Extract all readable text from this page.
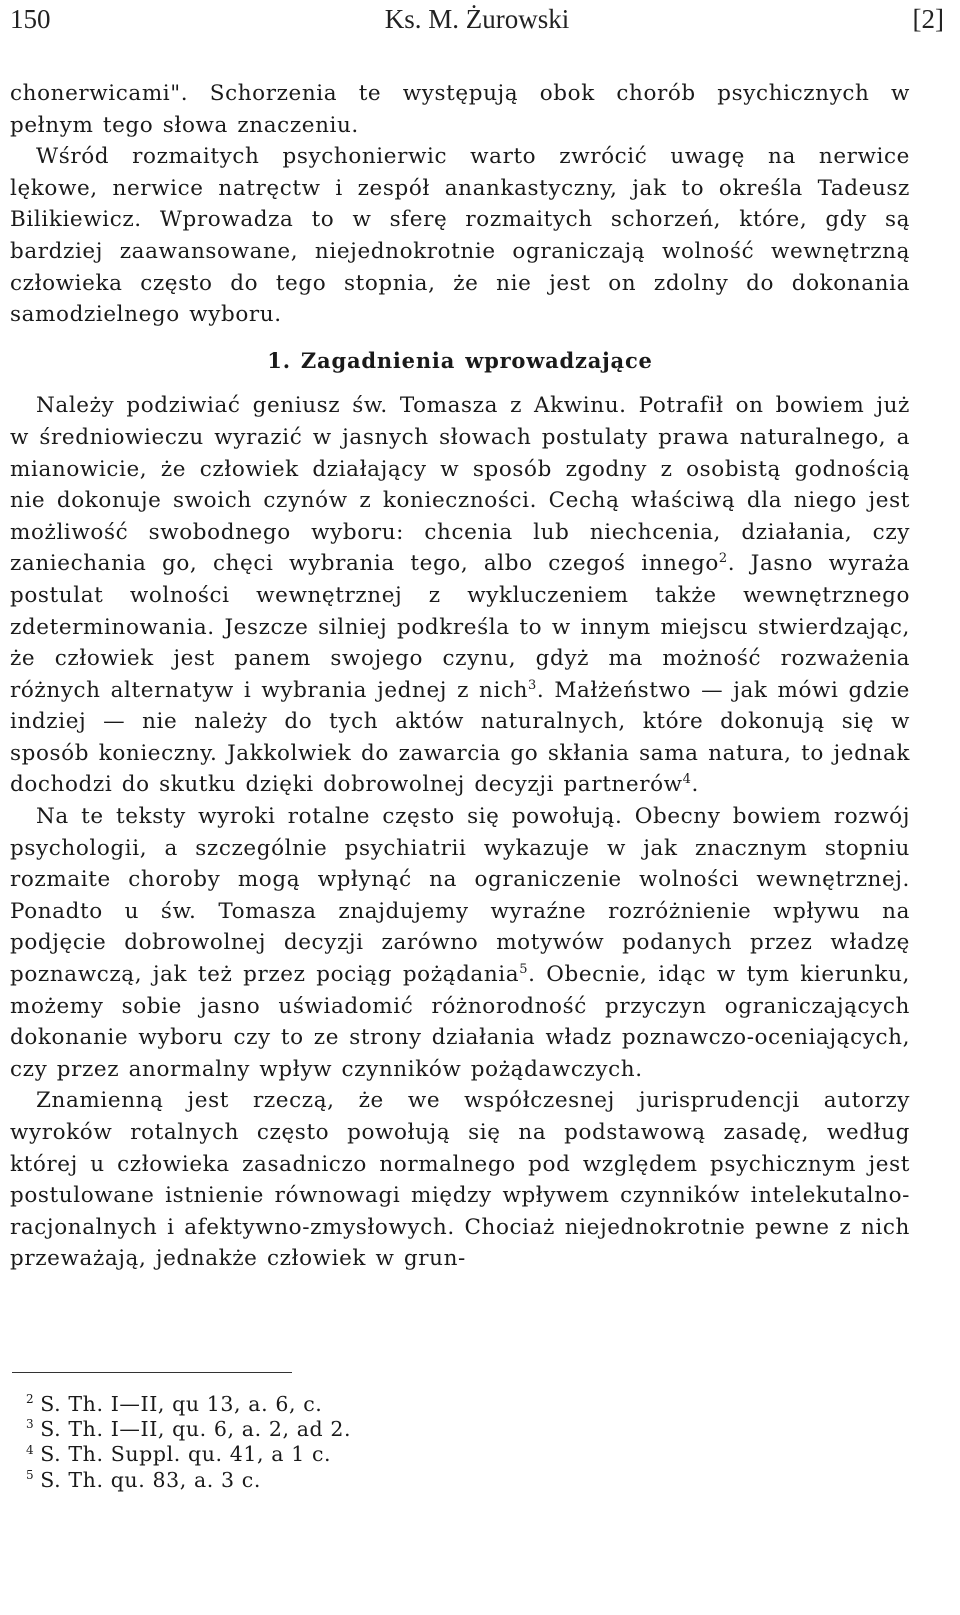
150	Ks. M. Żurowski	[2]

chonerwicami". Schorzenia te występują obok chorób psychicznych w pełnym tego słowa znaczeniu.

Wśród rozmaitych psychonierwic warto zwrócić uwagę na nerwice lękowe, nerwice natręctw i zespół anankastyczny, jak to określa Tadeusz Bilikiewicz. Wprowadza to w sferę rozmaitych schorzeń, które, gdy są bardziej zaawansowane, niejednokrotnie ograniczają wolność wewnętrzną człowieka często do tego stopnia, że nie jest on zdolny do dokonania samodzielnego wyboru.

1. Zagadnienia wprowadzające

Należy podziwiać geniusz św. Tomasza z Akwinu. Potrafił on bowiem już w średniowieczu wyrazić w jasnych słowach postulaty prawa naturalnego, a mianowicie, że człowiek działający w sposób zgodny z osobistą godnością nie dokonuje swoich czynów z konieczności. Cechą właściwą dla niego jest możliwość swobodnego wyboru: chcenia lub niechcenia, działania, czy zaniechania go, chęci wybrania tego, albo czegoś innego$^2$. Jasno wyraża postulat wolności wewnętrznej z wykluczeniem także wewnętrznego zdeterminowania. Jeszcze silniej podkreśla to w innym miejscu stwierdzając, że człowiek jest panem swojego czynu, gdyż ma możność rozważenia różnych alternatyw i wybrania jednej z nich$^3$. Małżeństwo — jak mówi gdzie indziej — nie należy do tych aktów naturalnych, które dokonują się w sposób konieczny. Jakkolwiek do zawarcia go skłania sama natura, to jednak dochodzi do skutku dzięki dobrowolnej decyzji partnerów$^4$.

Na te teksty wyroki rotalne często się powołują. Obecny bowiem rozwój psychologii, a szczególnie psychiatrii wykazuje w jak znacznym stopniu rozmaite choroby mogą wpłynąć na ograniczenie wolności wewnętrznej. Ponadto u św. Tomasza znajdujemy wyraźne rozróżnienie wpływu na podjęcie dobrowolnej decyzji zarówno motywów podanych przez władzę poznawczą, jak też przez pociąg pożądania$^5$. Obecnie, idąc w tym kierunku, możemy sobie jasno uświadomić różnorodność przyczyn ograniczających dokonanie wyboru czy to ze strony działania władz poznawczo-oceniających, czy przez anormalny wpływ czynników pożądawczych.

Znamienną jest rzeczą, że we współczesnej jurisprudencji autorzy wyroków rotalnych często powołują się na podstawową zasadę, według której u człowieka zasadniczo normalnego pod względem psychicznym jest postulowane istnienie równowagi między wpływem czynników intelekutalno-racjonalnych i afektywno-zmysłowych. Chociaż niejednokrotnie pewne z nich przeważają, jednakże człowiek w grun-

$^2$ S. Th. I—II, qu 13, a. 6, c.

$^3$ S. Th. I—II, qu. 6, a. 2, ad 2.

$^4$ S. Th. Suppl. qu. 41, a 1 c.

$^5$ S. Th. qu. 83, a. 3 c.
